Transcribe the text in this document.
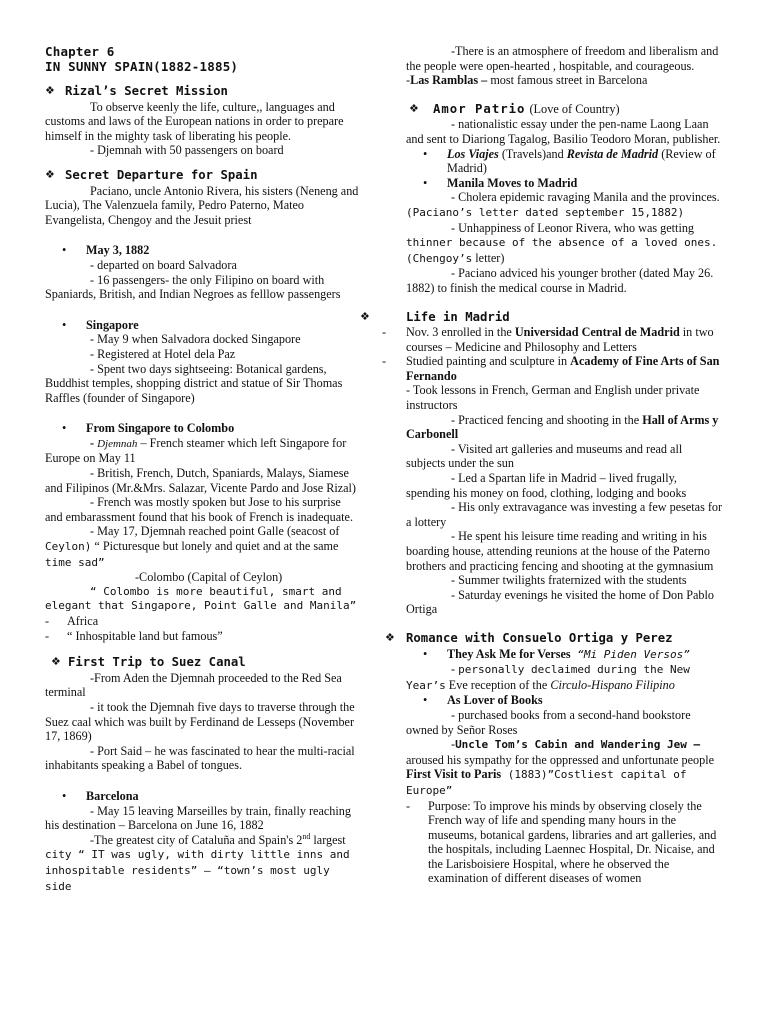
Chapter 6

IN SUNNY SPAIN(1882-1885)

❖ Rizal’s Secret Mission

To observe keenly the life, culture,, languages and customs and laws of the European nations in order to prepare himself in the mighty task of liberating his people.

- Djemnah with 50 passengers on board

❖ Secret Departure for Spain

Paciano, uncle Antonio Rivera, his sisters (Neneng and Lucia), The Valenzuela family, Pedro Paterno, Mateo Evangelista, Chengoy and the Jesuit priest

•	May 3, 1882

- departed on board Salvadora

- 16 passengers- the only Filipino on board with Spaniards, British, and Indian Negroes as felllow passengers

•	Singapore

- May 9 when Salvadora docked Singapore

- Registered at Hotel dela Paz

- Spent two days sightseeing: Botanical gardens, Buddhist temples, shopping district and statue of Sir Thomas Raffles (founder of Singapore)

•	From Singapore to Colombo

- Djemnah – French steamer which left Singapore for Europe on May 11

- British, French, Dutch, Spaniards, Malays, Siamese and Filipinos (Mr.&Mrs. Salazar, Vicente Pardo and Jose Rizal)

- French was mostly spoken but Jose to his surprise and embarassment found that his book of French is inadequate.

- May 17, Djemnah reached point Galle (seacost of Ceylon) “ Picturesque but lonely and quiet and at the same time sad”

-Colombo (Capital of Ceylon)

“ Colombo is more beautiful, smart and elegant that Singapore, Point Galle and Manila”

-	Africa
-	“ Inhospitable land but famous”
❖ First Trip to Suez Canal

-From Aden the Djemnah proceeded to the Red Sea terminal

- it took the Djemnah five days to traverse through the Suez caal which was built by Ferdinand de Lesseps (November 17, 1869)

- Port Said – he was fascinated to hear the multi-racial inhabitants speaking a Babel of tongues.

•	Barcelona

- May 15 leaving Marseilles by train, finally reaching his destination – Barcelona on June 16, 1882

-The greatest city of Cataluña and Spain's 2nd largest city “ IT was ugly, with dirty little inns and inhospitable residents” – “town’s most ugly side

-There is an atmosphere of freedom and liberalism and the people were open-hearted , hospitable, and courageous.

-Las Ramblas – most famous street in Barcelona

❖	Amor Patrio (Love of Country)

- nationalistic essay under the pen-name Laong Laan and sent to Diariong Tagalog, Basilio Teodoro Moran, publisher.

•	Los Viajes (Travels)and Revista de Madrid (Review of Madrid)
•	Manila Moves to Madrid

- Cholera epidemic ravaging Manila and the provinces. (Paciano’s letter dated september 15,1882)

- Unhappiness of Leonor Rivera, who was getting thinner because of the absence of a loved ones. (Chengoy’s letter)

- Paciano adviced his younger brother (dated May 26. 1882) to finish the medical course in Madrid.

❖	Life in Madrid
- Nov. 3 enrolled in the Universidad Central de Madrid in two courses – Medicine and Philosophy and Letters

- Studied painting and sculpture in Academy of Fine Arts of San Fernando

- Took lessons in French, German and English under private instructors

- Practiced fencing and shooting in the Hall of Arms y Carbonell

- Visited art galleries and museums and read all subjects under the sun

- Led a Spartan life in Madrid – lived frugally, spending his money on food, clothing, lodging and books

- His only extravagance was investing a few pesetas for a lottery

- He spent his leisure time reading and writing in his boarding house, attending reunions at the house of the Paterno brothers and practicing fencing and shooting at the gymnasium

- Summer twilights fraternized with the students

- Saturday evenings he visited the home of Don Pablo Ortiga

❖ Romance with Consuelo Ortiga y Perez
•	They Ask Me for Verses “Mi Piden Versos”

- personally declaimed during the New Year’s Eve reception of the Circulo-Hispano Filipino

•	As Lover of Books

- purchased books from a second-hand bookstore owned by Señor Roses

-Uncle Tom’s Cabin and Wandering Jew – aroused his sympathy for the oppressed and unfortunate people

First Visit to Paris (1883)”Costliest capital of Europe”

-	Purpose: To improve his minds by observing closely the French way of life and spending many hours in the museums, botanical gardens, libraries and art galleries, and the hospitals, including Laennec Hospital, Dr. Nicaise, and the Larisboisiere Hospital, where he observed the examination of different diseases of women
